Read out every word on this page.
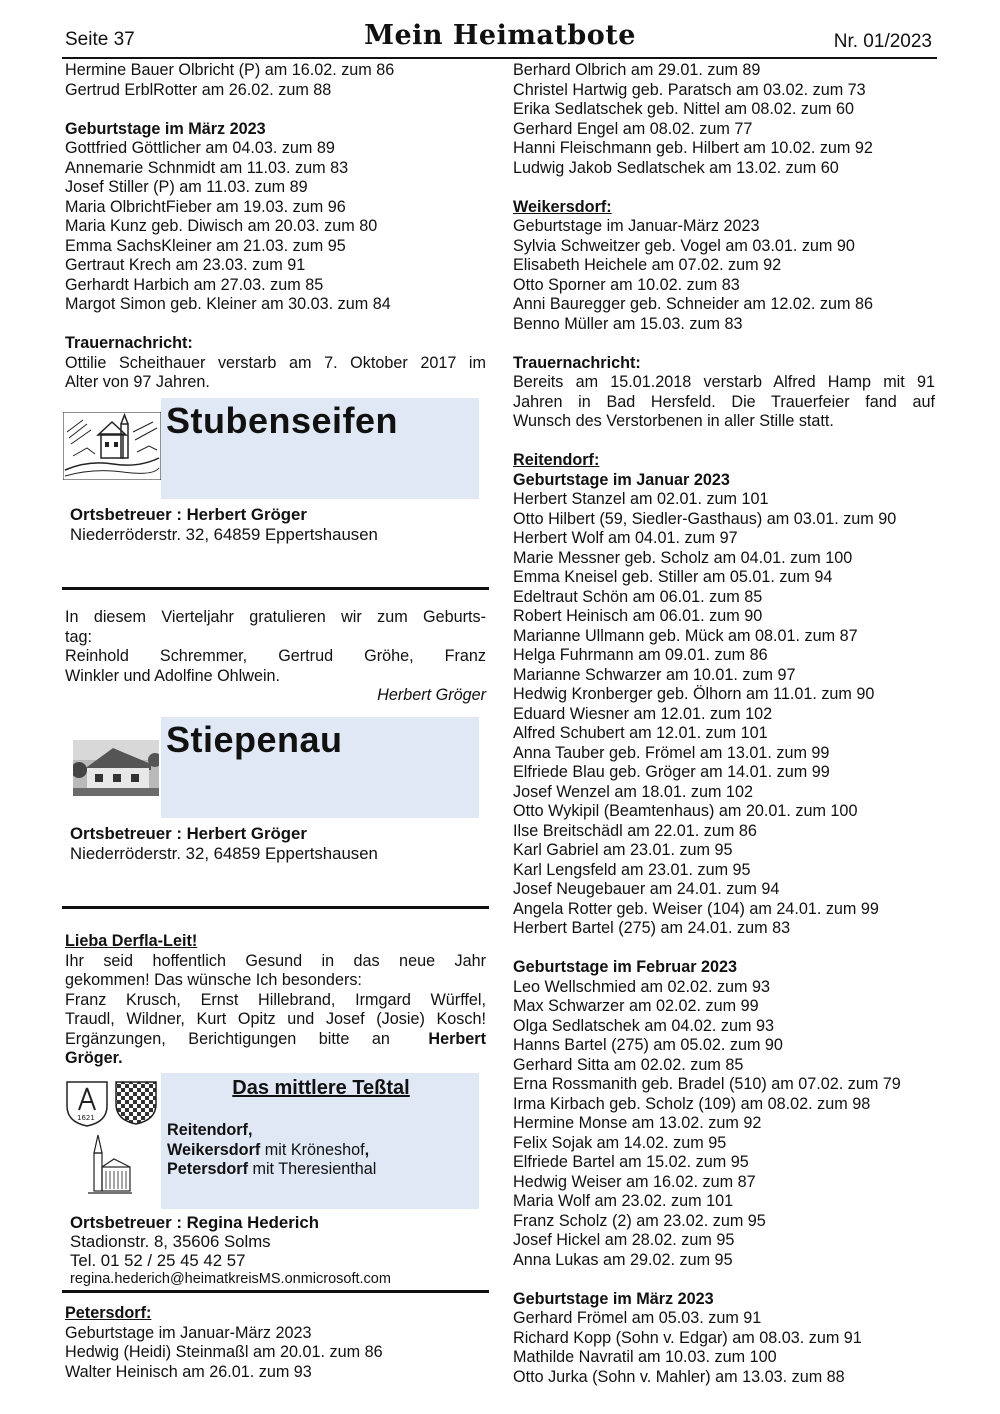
Seite 37	Mein Heimatbote	Nr. 01/2023
Hermine Bauer Olbricht (P) am 16.02. zum 86
Gertrud ErblRotter am 26.02. zum 88
Geburtstage im März 2023
Gottfried Göttlicher am 04.03. zum 89
Annemarie Schnmidt am 11.03. zum 83
Josef Stiller (P) am 11.03. zum 89
Maria OlbrichtFieber am 19.03. zum 96
Maria Kunz geb. Diwisch am 20.03. zum 80
Emma SachsKleiner am 21.03. zum 95
Gertraut Krech am 23.03. zum 91
Gerhardt Harbich am 27.03. zum 85
Margot Simon geb. Kleiner am 30.03. zum 84
Trauernachricht:
Ottilie Scheithauer verstarb am 7. Oktober 2017 im
Alter von 97 Jahren.
Stubenseifen
Ortsbetreuer : Herbert Gröger
Niederröderstr. 32, 64859 Eppertshausen
In diesem Vierteljahr gratulieren wir zum Geburts-
tag:
Reinhold Schremmer, Gertrud Gröhe, Franz
Winkler und Adolfine Ohlwein.
Herbert Gröger
Stiepenau
Ortsbetreuer : Herbert Gröger
Niederröderstr. 32, 64859 Eppertshausen
Lieba Derfla-Leit!
Ihr seid hoffentlich Gesund in das neue Jahr
gekommen! Das wünsche Ich besonders:
Franz Krusch, Ernst Hillebrand, Irmgard Würffel,
Traudl, Wildner, Kurt Opitz und Josef (Josie) Kosch!
Ergänzungen, Berichtigungen bitte an Herbert
Gröger.
Das mittlere Teßtal
Reitendorf,
Weikersdorf mit Kröneshof,
Petersdorf mit Theresienthal
1621
Ortsbetreuer : Regina Hederich
Stadionstr. 8, 35606 Solms
Tel. 01 52 / 25 45 42 57
regina.hederich@heimatkreisMS.onmicrosoft.com
Petersdorf:
Geburtstage im Januar-März 2023
Hedwig (Heidi) Steinmaßl am 20.01. zum 86
Walter Heinisch am 26.01. zum 93
Berhard Olbrich am 29.01. zum 89
Christel Hartwig geb. Paratsch am 03.02. zum 73
Erika Sedlatschek geb. Nittel am 08.02. zum 60
Gerhard Engel am 08.02. zum 77
Hanni Fleischmann geb. Hilbert am 10.02. zum 92
Ludwig Jakob Sedlatschek am 13.02. zum 60
Weikersdorf:
Geburtstage im Januar-März 2023
Sylvia Schweitzer geb. Vogel am 03.01. zum 90
Elisabeth Heichele am 07.02. zum 92
Otto Sporner am 10.02. zum 83
Anni Bauregger geb. Schneider am 12.02. zum 86
Benno Müller am 15.03. zum 83
Trauernachricht:
Bereits am 15.01.2018 verstarb Alfred Hamp mit 91
Jahren in Bad Hersfeld. Die Trauerfeier fand auf
Wunsch des Verstorbenen in aller Stille statt.
Reitendorf:
Geburtstage im Januar 2023
Herbert Stanzel am 02.01. zum 101
Otto Hilbert (59, Siedler-Gasthaus) am 03.01. zum 90
Herbert Wolf am 04.01. zum 97
Marie Messner geb. Scholz am 04.01. zum 100
Emma Kneisel geb. Stiller am 05.01. zum 94
Edeltraut Schön am 06.01. zum 85
Robert Heinisch am 06.01. zum 90
Marianne Ullmann geb. Mück am 08.01. zum 87
Helga Fuhrmann am 09.01. zum 86
Marianne Schwarzer am 10.01. zum 97
Hedwig Kronberger geb. Ölhorn am 11.01. zum 90
Eduard Wiesner am 12.01. zum 102
Alfred Schubert am 12.01. zum 101
Anna Tauber geb. Frömel am 13.01. zum 99
Elfriede Blau geb. Gröger am 14.01. zum 99
Josef Wenzel am 18.01. zum 102
Otto Wykipil (Beamtenhaus) am 20.01. zum 100
Ilse Breitschädl am 22.01. zum 86
Karl Gabriel am 23.01. zum 95
Karl Lengsfeld am 23.01. zum 95
Josef Neugebauer am 24.01. zum 94
Angela Rotter geb. Weiser (104) am 24.01. zum 99
Herbert Bartel (275) am 24.01. zum 83
Geburtstage im Februar 2023
Leo Wellschmied am 02.02. zum 93
Max Schwarzer am 02.02. zum 99
Olga Sedlatschek am 04.02. zum 93
Hanns Bartel (275) am 05.02. zum 90
Gerhard Sitta am 02.02. zum 85
Erna Rossmanith geb. Bradel (510) am 07.02. zum 79
Irma Kirbach geb. Scholz (109) am 08.02. zum 98
Hermine Monse am 13.02. zum 92
Felix Sojak am 14.02. zum 95
Elfriede Bartel am 15.02. zum 95
Hedwig Weiser am 16.02. zum 87
Maria Wolf am 23.02. zum 101
Franz Scholz (2) am 23.02. zum 95
Josef Hickel am 28.02. zum 95
Anna Lukas am 29.02. zum 95
Geburtstage im März 2023
Gerhard Frömel am 05.03. zum 91
Richard Kopp (Sohn v. Edgar) am 08.03. zum 91
Mathilde Navratil am 10.03. zum 100
Otto Jurka (Sohn v. Mahler) am 13.03. zum 88
